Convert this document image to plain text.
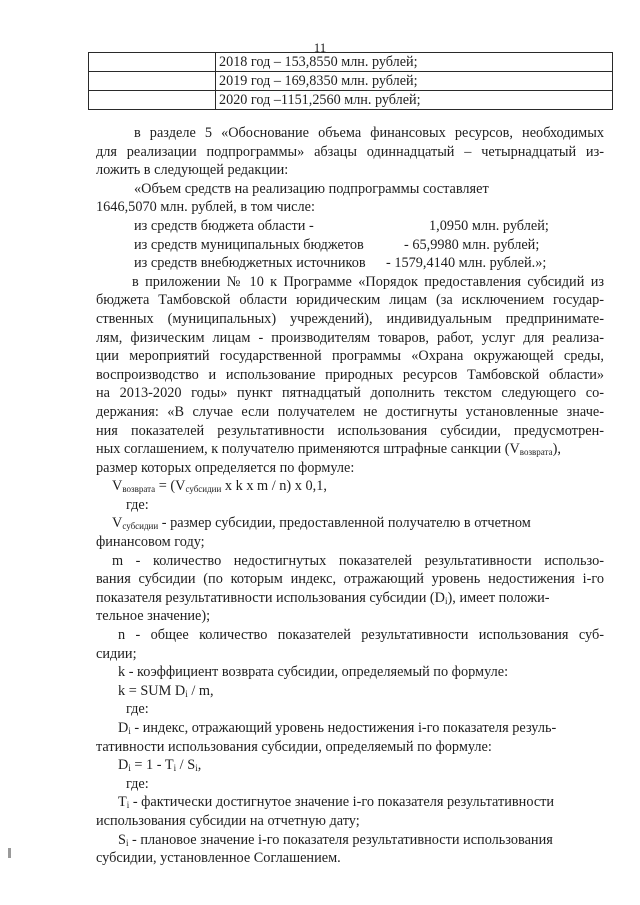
11
	2018 год – 153,8550 млн. рублей;
	2019 год – 169,8350 млн. рублей;
	2020 год –1151,2560 млн. рублей;
в разделе 5 «Обоснование объема финансовых ресурсов, необходимых
для реализации подпрограммы» абзацы одиннадцатый – четырнадцатый из-
ложить в следующей редакции:
«Объем средств на реализацию подпрограммы составляет
1646,5070 млн. рублей, в том числе:
из средств бюджета области -	1,0950 млн. рублей;
из средств муниципальных бюджетов	- 65,9980 млн. рублей;
из средств внебюджетных источников - 1579,4140 млн. рублей.»;
в приложении № 10 к Программе «Порядок предоставления субсидий из
бюджета Тамбовской области юридическим лицам (за исключением государ-
ственных (муниципальных) учреждений), индивидуальным предпринимате-
лям, физическим лицам - производителям товаров, работ, услуг для реализа-
ции мероприятий государственной программы «Охрана окружающей среды,
воспроизводство и использование природных ресурсов Тамбовской области»
на 2013-2020 годы» пункт пятнадцатый дополнить текстом следующего со-
держания: «В случае если получателем не достигнуты установленные значе-
ния показателей результативности использования субсидии, предусмотрен-
ных соглашением, к получателю применяются штрафные санкции $(V_{возврата})$,
размер которых определяется по формуле:
$V_{возврата} = (V_{субсидии}$ x k x m / n) x 0,1,
где:
$V_{субсидии}$ - размер субсидии, предоставленной получателю в отчетном
финансовом году;
m - количество недостигнутых показателей результативности использо-
вания субсидии (по которым индекс, отражающий уровень недостижения i-го
показателя результативности использования субсидии $(D_i)$, имеет положи-
тельное значение);
n - общее количество показателей результативности использования суб-
сидии;
k - коэффициент возврата субсидии, определяемый по формуле:
k = SUM $D_i$ / m,
где:
$D_i$ - индекс, отражающий уровень недостижения i-го показателя резуль-
тативности использования субсидии, определяемый по формуле:
$D_i = 1 - T_i / S_i$,
где:
$T_i$ - фактически достигнутое значение i-го показателя результативности
использования субсидии на отчетную дату;
$S_i$ - плановое значение i-го показателя результативности использования
субсидии, установленное Соглашением.
